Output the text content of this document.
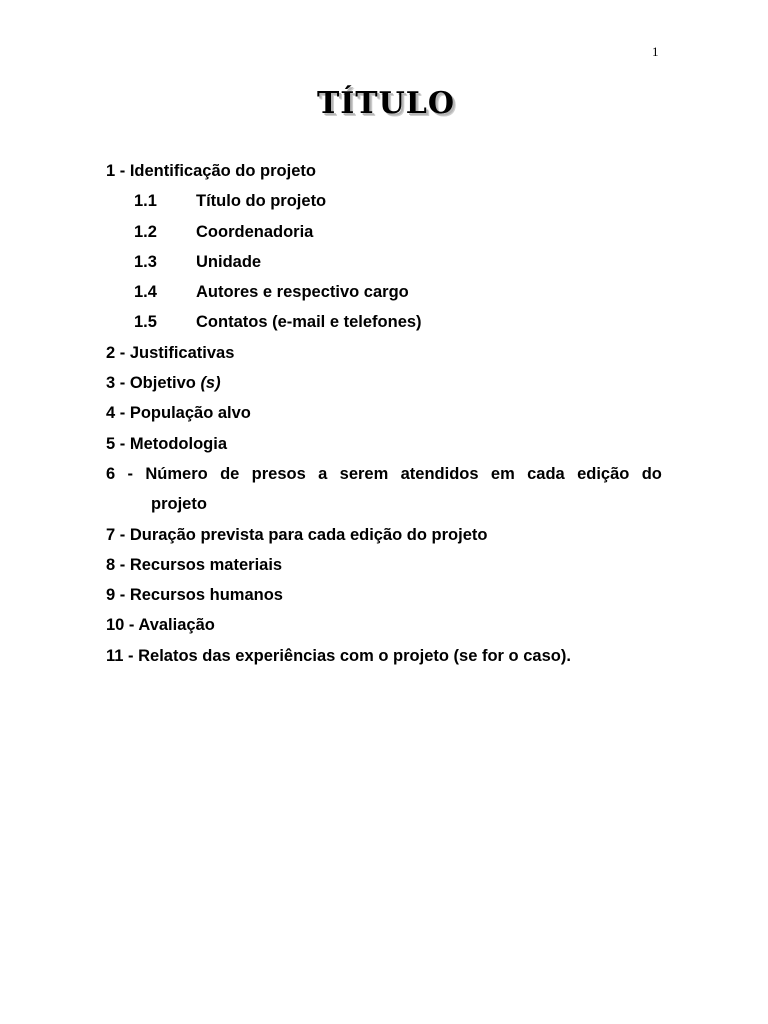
1
TÍTULO
1 - Identificação do projeto
1.1 Título do projeto
1.2 Coordenadoria
1.3 Unidade
1.4 Autores e respectivo cargo
1.5 Contatos (e-mail e telefones)
2 - Justificativas
3 - Objetivo (s)
4 - População alvo
5 - Metodologia
6 - Número de presos a serem atendidos em cada edição do
projeto
7 - Duração prevista para cada edição do projeto
8 - Recursos materiais
9 - Recursos humanos
10 - Avaliação
11 - Relatos das experiências com o projeto (se for o caso).
